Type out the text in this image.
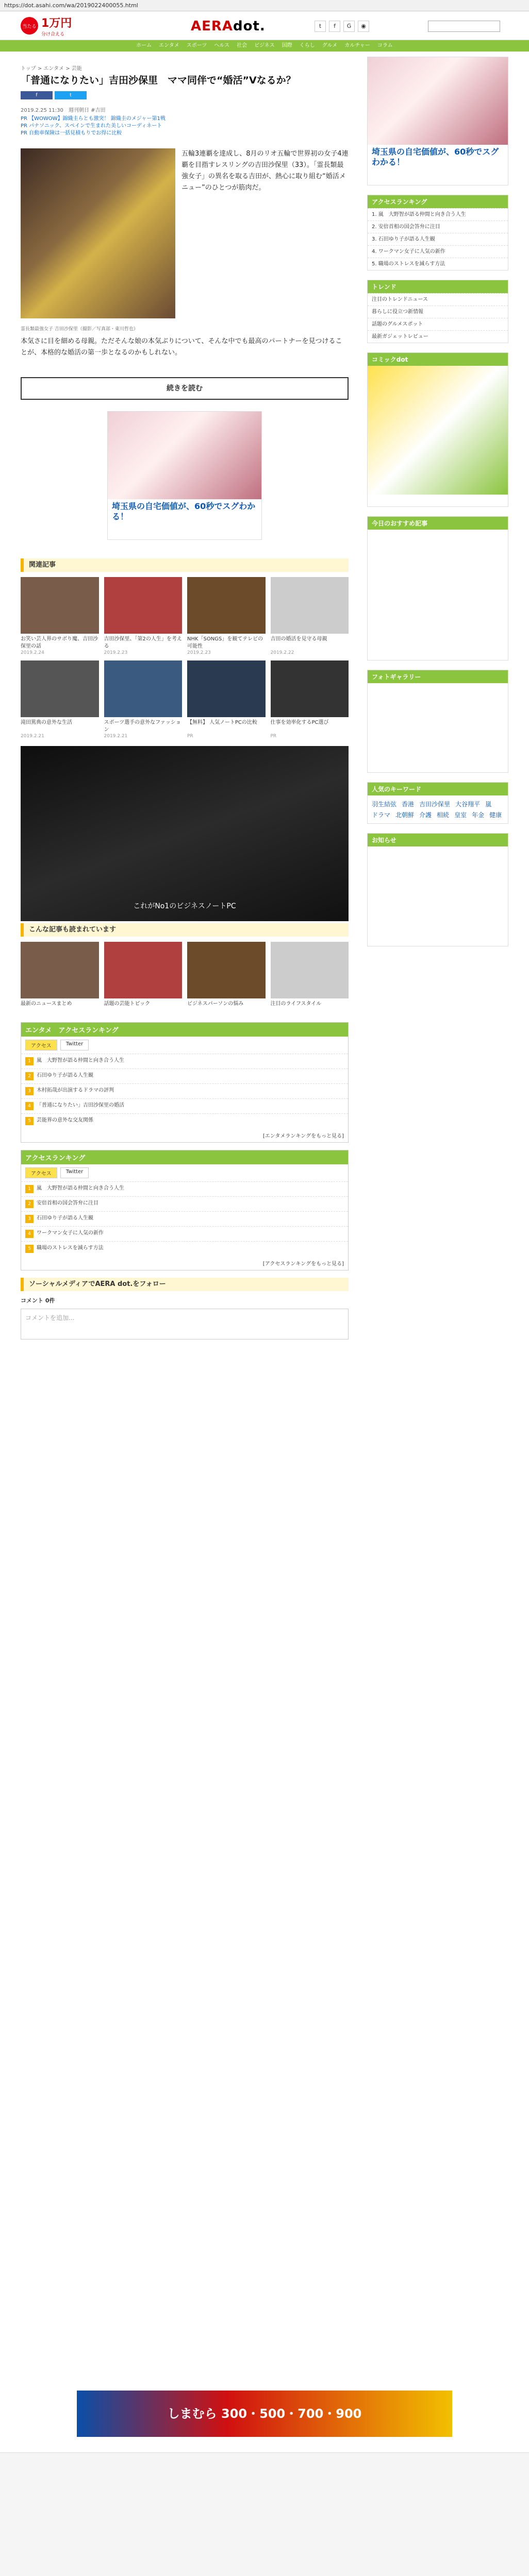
https://dot.asahi.com/wa/2019022400055.html
当たる 1万円
分け合える
AERAdot.	t	f	G	◉
ホーム エンタメ スポーツ ヘルス 社会 ビジネス 国際 くらし グルメ カルチャー コラム
トップ > エンタメ > 芸能
「普通になりたい」吉田沙保里　ママ同伴で“婚活”Vなるか？
f	t
2019.2.25 11:30　週刊朝日 #吉田
PR 【WOWOW】錦織圭らとも激突！ 錦織圭のメジャー第1戦
PR パナソニック、スペインで生まれた美しいコーディネート
PR 自動車保険は一括見積もりでお得に比較
霊長類最強女子 吉田沙保里（撮影／写真部・東川哲也）
五輪3連覇を達成し、8月のリオ五輪で世界初の女子4連覇を目指すレスリングの吉田沙保里（33）。「霊長類最強女子」の異名を取る吉田が、熱心に取り組む“婚活メニュー”のひとつが筋肉だ。
本気さに目を細める母親。ただそんな娘の本気ぶりについて、そんな中でも最高のパートナーを見つけることが、本格的な婚活の第一歩となるのかもしれない。
続きを読む
埼玉県の自宅価値が、60秒でスグわかる！
関連記事
お笑い芸人界のサボり魔、吉田沙保里の話
2019.2.24
吉田沙保里、「第2の人生」を考える
2019.2.23
NHK「SONGS」を観てテレビの可能性
2019.2.23
吉田の婚活を見守る母親
2019.2.22
滝田篤典の意外な生活
2019.2.21
スポーツ選手の意外なファッション
2019.2.21
【無料】 人気ノートPCの比較
PR
仕事を効率化するPC選び
PR
これがNo1のビジネスノートPC
こんな記事も読まれています
最新のニュースまとめ	話題の芸能トピック	ビジネスパーソンの悩み	注目のライフスタイル
エンタメ　アクセスランキング
アクセス	Twitter
1	嵐　大野智が語る仲間と向き合う人生
2	石田ゆり子が語る人生観
3	木村拓哉が出演するドラマの評判
4	「普通になりたい」吉田沙保里の婚活
5	芸能界の意外な交友関係
[エンタメランキングをもっと見る]
アクセスランキング
アクセス	Twitter
1	嵐　大野智が語る仲間と向き合う人生
2	安倍首相の国会答弁に注目
3	石田ゆり子が語る人生観
4	ワークマン女子に人気の新作
5	職場のストレスを減らす方法
[アクセスランキングをもっと見る]
ソーシャルメディアでAERA dot.をフォロー
コメント 0件
コメントを追加...
埼玉県の自宅価値が、60秒でスグわかる！
アクセスランキング
1. 嵐　大野智が語る仲間と向き合う人生
2. 安倍首相の国会答弁に注目
3. 石田ゆり子が語る人生観
4. ワークマン女子に人気の新作
5. 職場のストレスを減らす方法
トレンド
注目のトレンドニュース
暮らしに役立つ新情報
話題のグルメスポット
最新ガジェットレビュー
コミックdot
今日のおすすめ記事
フォトギャラリー
人気のキーワード
羽生結弦 香港 吉田沙保里 大谷翔平 嵐
ドラマ 北朝鮮 介護 相続 皇室 年金 健康
お知らせ
しまむら 300・500・700・900
